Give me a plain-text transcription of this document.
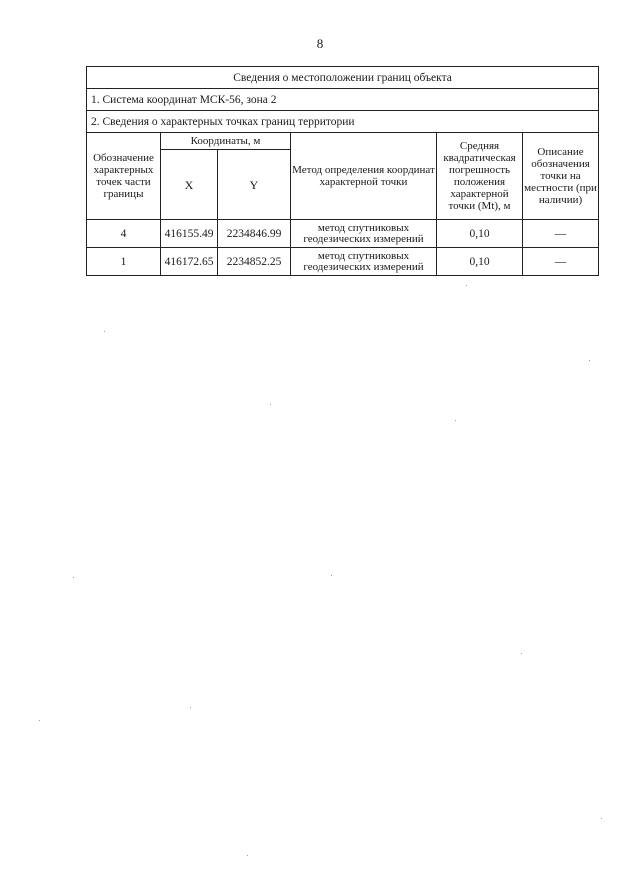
8
Сведения о местоположении границ объекта					
1. Система координат МСК-56, зона 2					
2. Сведения о характерных точках границ территории					
Обозначение характерных точек части границы	Координаты, м		Метод определения координат характерной точки	Средняя квадратическая погрешность положения характерной точки (Mt), м	Описание обозначения точки на местности (при наличии)
	X	Y			
4	416155.49	2234846.99	метод спутниковых геодезических измерений	0,10	—
1	416172.65	2234852.25	метод спутниковых геодезических измерений	0,10	—
